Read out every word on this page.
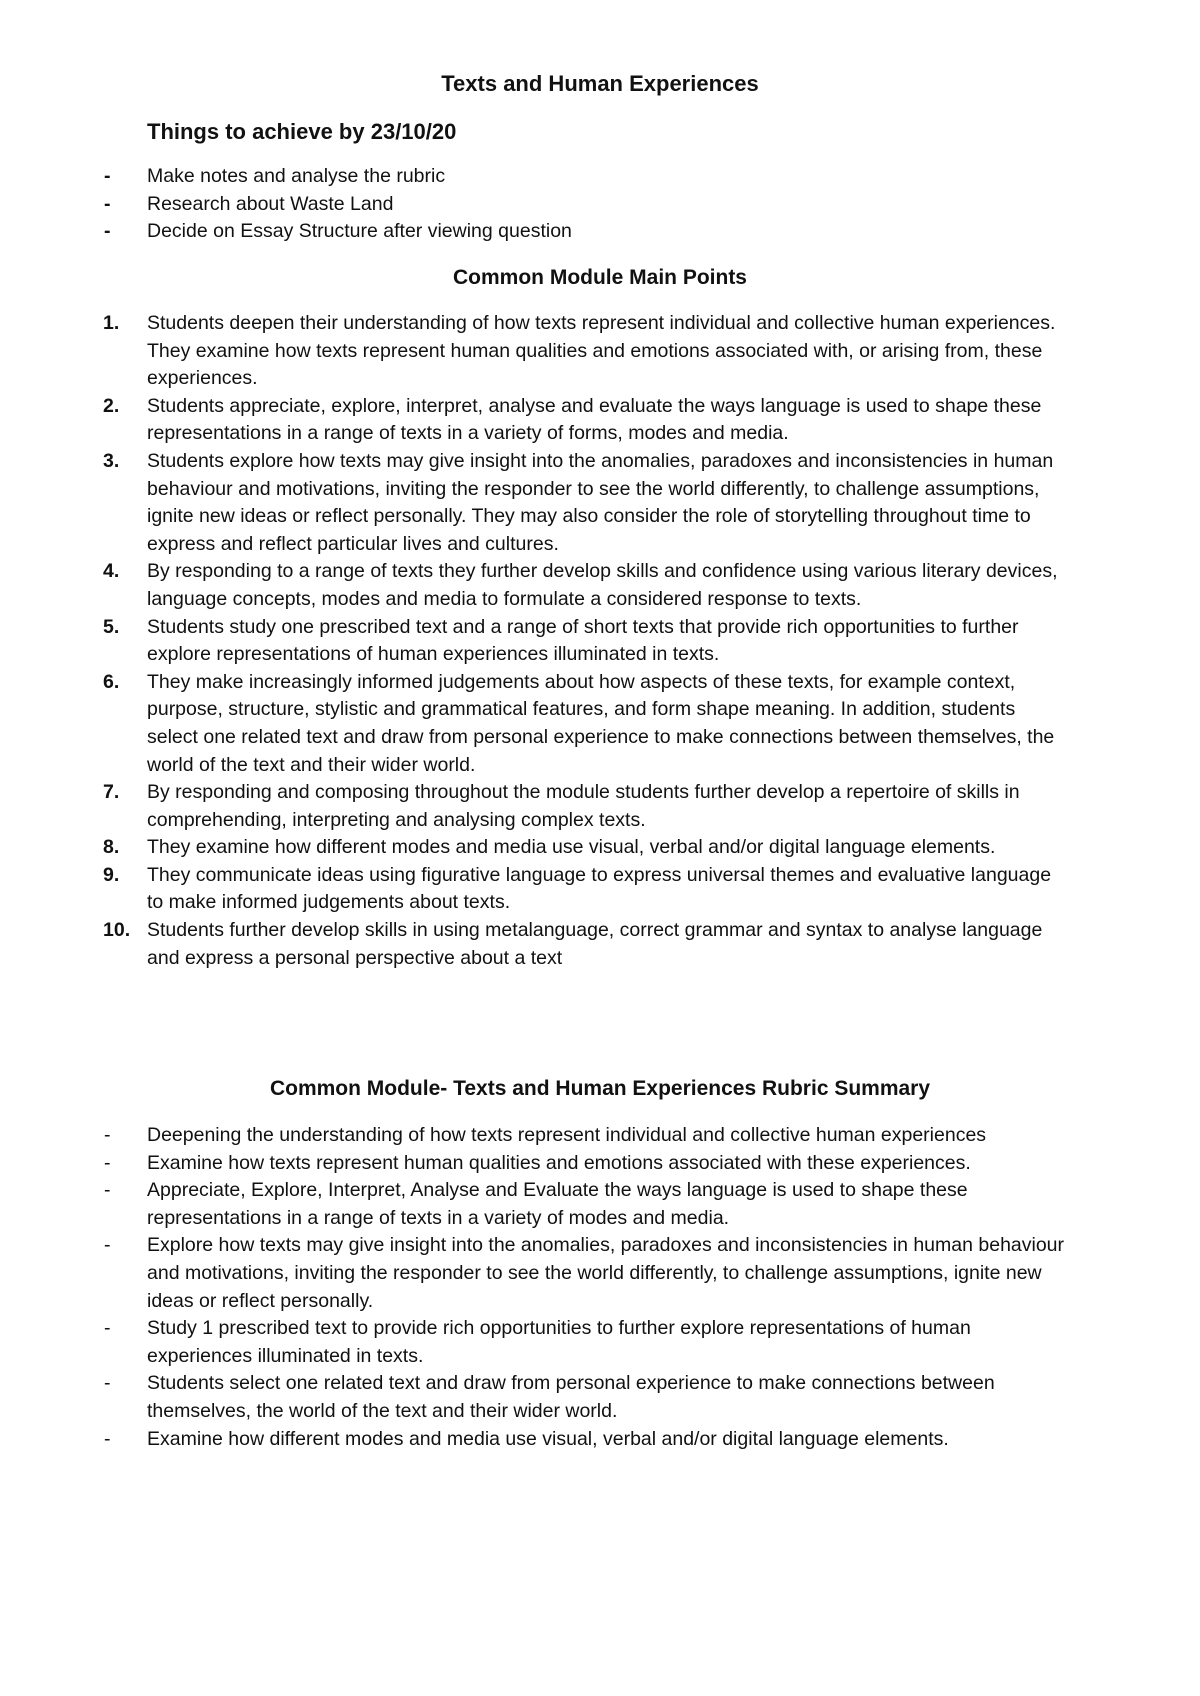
Texts and Human Experiences
Things to achieve by 23/10/20
- Make notes and analyse the rubric
- Research about Waste Land
- Decide on Essay Structure after viewing question
Common Module Main Points
1. Students deepen their understanding of how texts represent individual and collective human experiences. They examine how texts represent human qualities and emotions associated with, or arising from, these experiences.
2. Students appreciate, explore, interpret, analyse and evaluate the ways language is used to shape these representations in a range of texts in a variety of forms, modes and media.
3. Students explore how texts may give insight into the anomalies, paradoxes and inconsistencies in human behaviour and motivations, inviting the responder to see the world differently, to challenge assumptions, ignite new ideas or reflect personally. They may also consider the role of storytelling throughout time to express and reflect particular lives and cultures.
4. By responding to a range of texts they further develop skills and confidence using various literary devices, language concepts, modes and media to formulate a considered response to texts.
5. Students study one prescribed text and a range of short texts that provide rich opportunities to further explore representations of human experiences illuminated in texts.
6. They make increasingly informed judgements about how aspects of these texts, for example context, purpose, structure, stylistic and grammatical features, and form shape meaning. In addition, students select one related text and draw from personal experience to make connections between themselves, the world of the text and their wider world.
7. By responding and composing throughout the module students further develop a repertoire of skills in comprehending, interpreting and analysing complex texts.
8. They examine how different modes and media use visual, verbal and/or digital language elements.
9. They communicate ideas using figurative language to express universal themes and evaluative language to make informed judgements about texts.
10. Students further develop skills in using metalanguage, correct grammar and syntax to analyse language and express a personal perspective about a text
Common Module- Texts and Human Experiences Rubric Summary
- Deepening the understanding of how texts represent individual and collective human experiences
- Examine how texts represent human qualities and emotions associated with these experiences.
- Appreciate, Explore, Interpret, Analyse and Evaluate the ways language is used to shape these representations in a range of texts in a variety of modes and media.
- Explore how texts may give insight into the anomalies, paradoxes and inconsistencies in human behaviour and motivations, inviting the responder to see the world differently, to challenge assumptions, ignite new ideas or reflect personally.
- Study 1 prescribed text to provide rich opportunities to further explore representations of human experiences illuminated in texts.
- Students select one related text and draw from personal experience to make connections between themselves, the world of the text and their wider world.
- Examine how different modes and media use visual, verbal and/or digital language elements.
